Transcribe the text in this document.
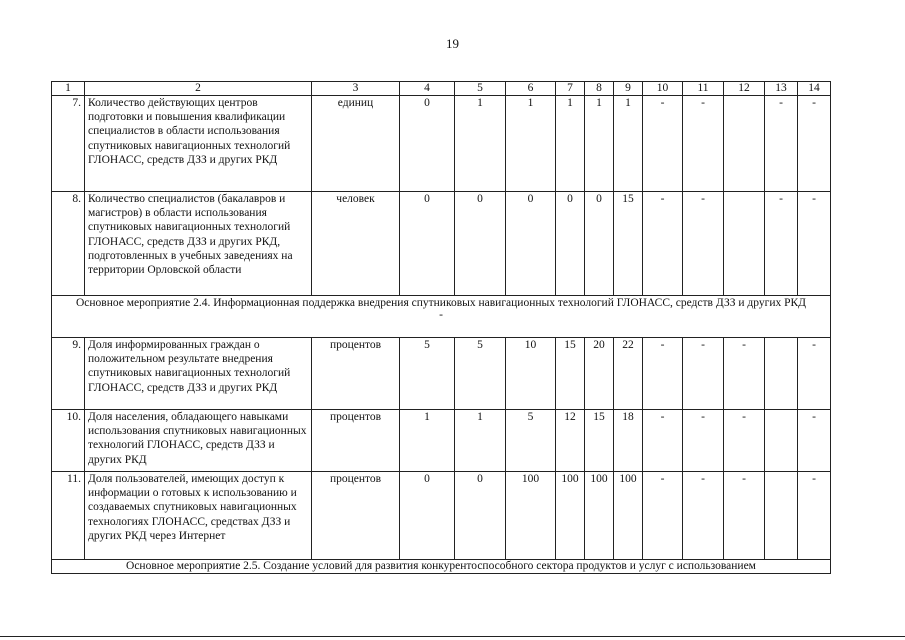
19
1	2	3	4	5	6	7	8	9	10	11	12	13	14
7.	Количество действующих центров подготовки и повышения квалификации специалистов в области использования спутниковых навигационных технологий ГЛОНАСС, средств ДЗЗ и других РКД	единиц	0	1	1	1	1	1	-	-		-	-
8.	Количество специалистов (бакалавров и магистров) в области использования спутниковых навигационных технологий ГЛОНАСС, средств ДЗЗ и других РКД, подготовленных в учебных заведениях на территории Орловской области	человек	0	0	0	0	0	15	-	-		-	-
Основное мероприятие 2.4. Информационная поддержка внедрения спутниковых навигационных технологий ГЛОНАСС, средств ДЗЗ и других РКД
-													

9.	Доля информированных граждан о положительном результате внедрения спутниковых навигационных технологий ГЛОНАСС, средств ДЗЗ и других РКД	процентов	5	5	10	15	20	22	-	-	-		-
10.	Доля населения, обладающего навыками использования спутниковых навигационных технологий ГЛОНАСС, средств ДЗЗ и других РКД	процентов	1	1	5	12	15	18	-	-	-		-
11.	Доля пользователей, имеющих доступ к информации о готовых к использованию и создаваемых спутниковых навигационных технологиях ГЛОНАСС, средствах ДЗЗ и других РКД через Интернет	процентов	0	0	100	100	100	100	-	-	-		-
Основное мероприятие 2.5. Создание условий для развития конкурентоспособного сектора продуктов и услуг с использованием													
